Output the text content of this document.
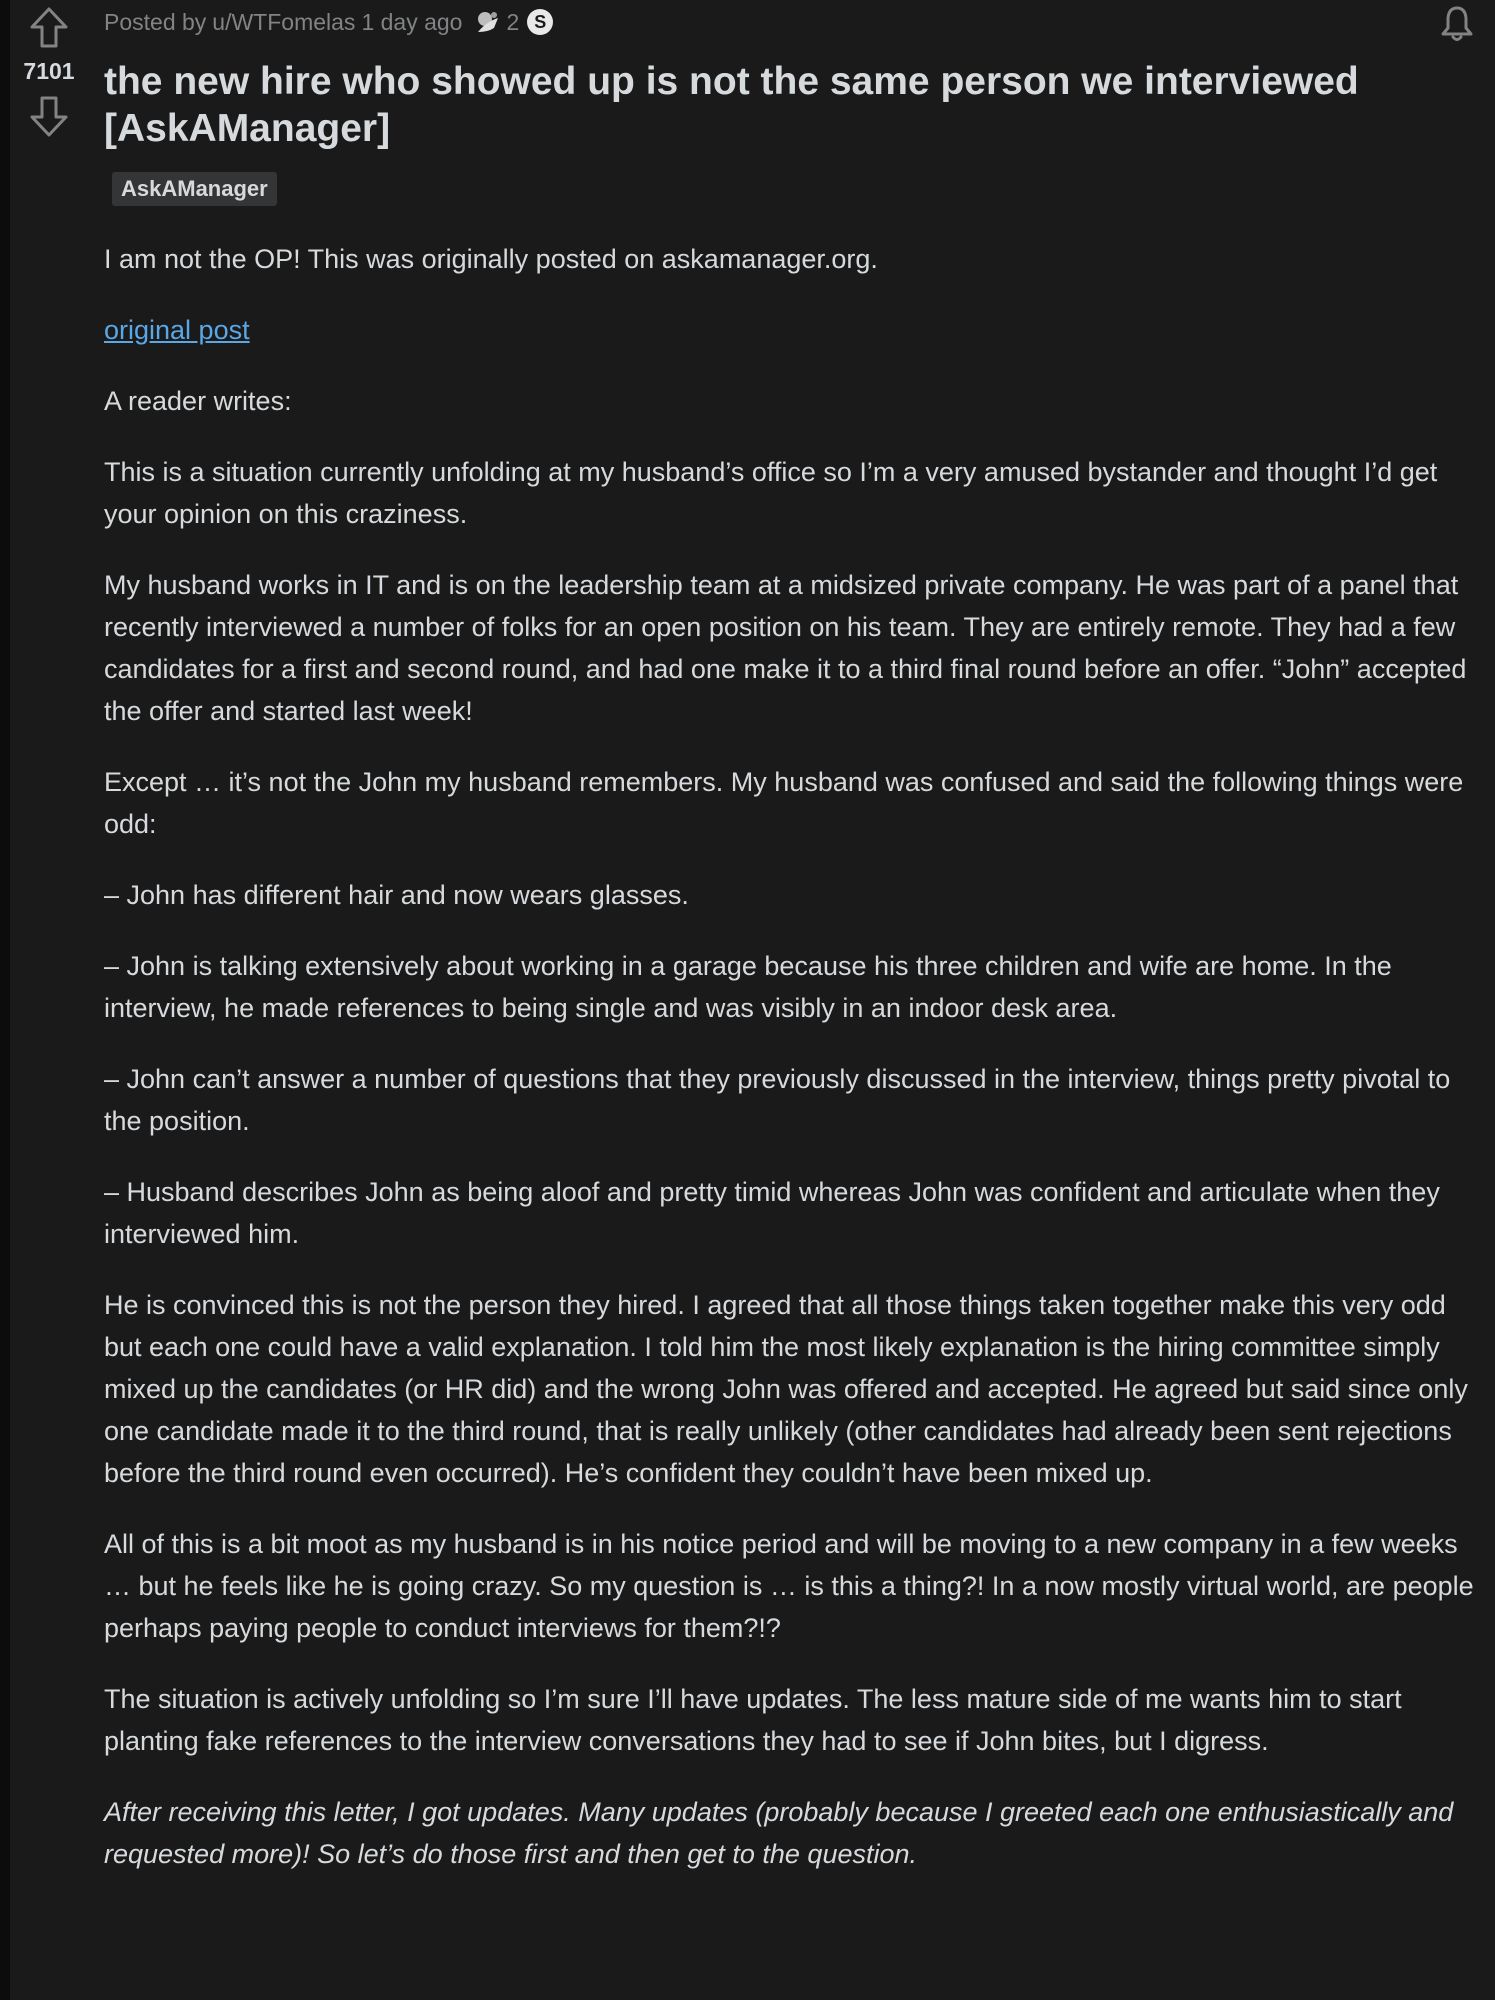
7101
Posted by u/WTFomelas 1 day ago 2 S
the new hire who showed up is not the same person we interviewed [AskAManager]
AskAManager

I am not the OP! This was originally posted on askamanager.org.

original post

A reader writes:

This is a situation currently unfolding at my husband’s office so I’m a very amused bystander and thought I’d get your opinion on this craziness.

My husband works in IT and is on the leadership team at a midsized private company. He was part of a panel that recently interviewed a number of folks for an open position on his team. They are entirely remote. They had a few candidates for a first and second round, and had one make it to a third final round before an offer. “John” accepted the offer and started last week!

Except … it’s not the John my husband remembers. My husband was confused and said the following things were odd:

– John has different hair and now wears glasses.

– John is talking extensively about working in a garage because his three children and wife are home. In the interview, he made references to being single and was visibly in an indoor desk area.

– John can’t answer a number of questions that they previously discussed in the interview, things pretty pivotal to the position.

– Husband describes John as being aloof and pretty timid whereas John was confident and articulate when they interviewed him.

He is convinced this is not the person they hired. I agreed that all those things taken together make this very odd but each one could have a valid explanation. I told him the most likely explanation is the hiring committee simply mixed up the candidates (or HR did) and the wrong John was offered and accepted. He agreed but said since only one candidate made it to the third round, that is really unlikely (other candidates had already been sent rejections before the third round even occurred). He’s confident they couldn’t have been mixed up.

All of this is a bit moot as my husband is in his notice period and will be moving to a new company in a few weeks … but he feels like he is going crazy. So my question is … is this a thing?! In a now mostly virtual world, are people perhaps paying people to conduct interviews for them?!?

The situation is actively unfolding so I’m sure I’ll have updates. The less mature side of me wants him to start planting fake references to the interview conversations they had to see if John bites, but I digress.

After receiving this letter, I got updates. Many updates (probably because I greeted each one enthusiastically and requested more)! So let’s do those first and then get to the question.
